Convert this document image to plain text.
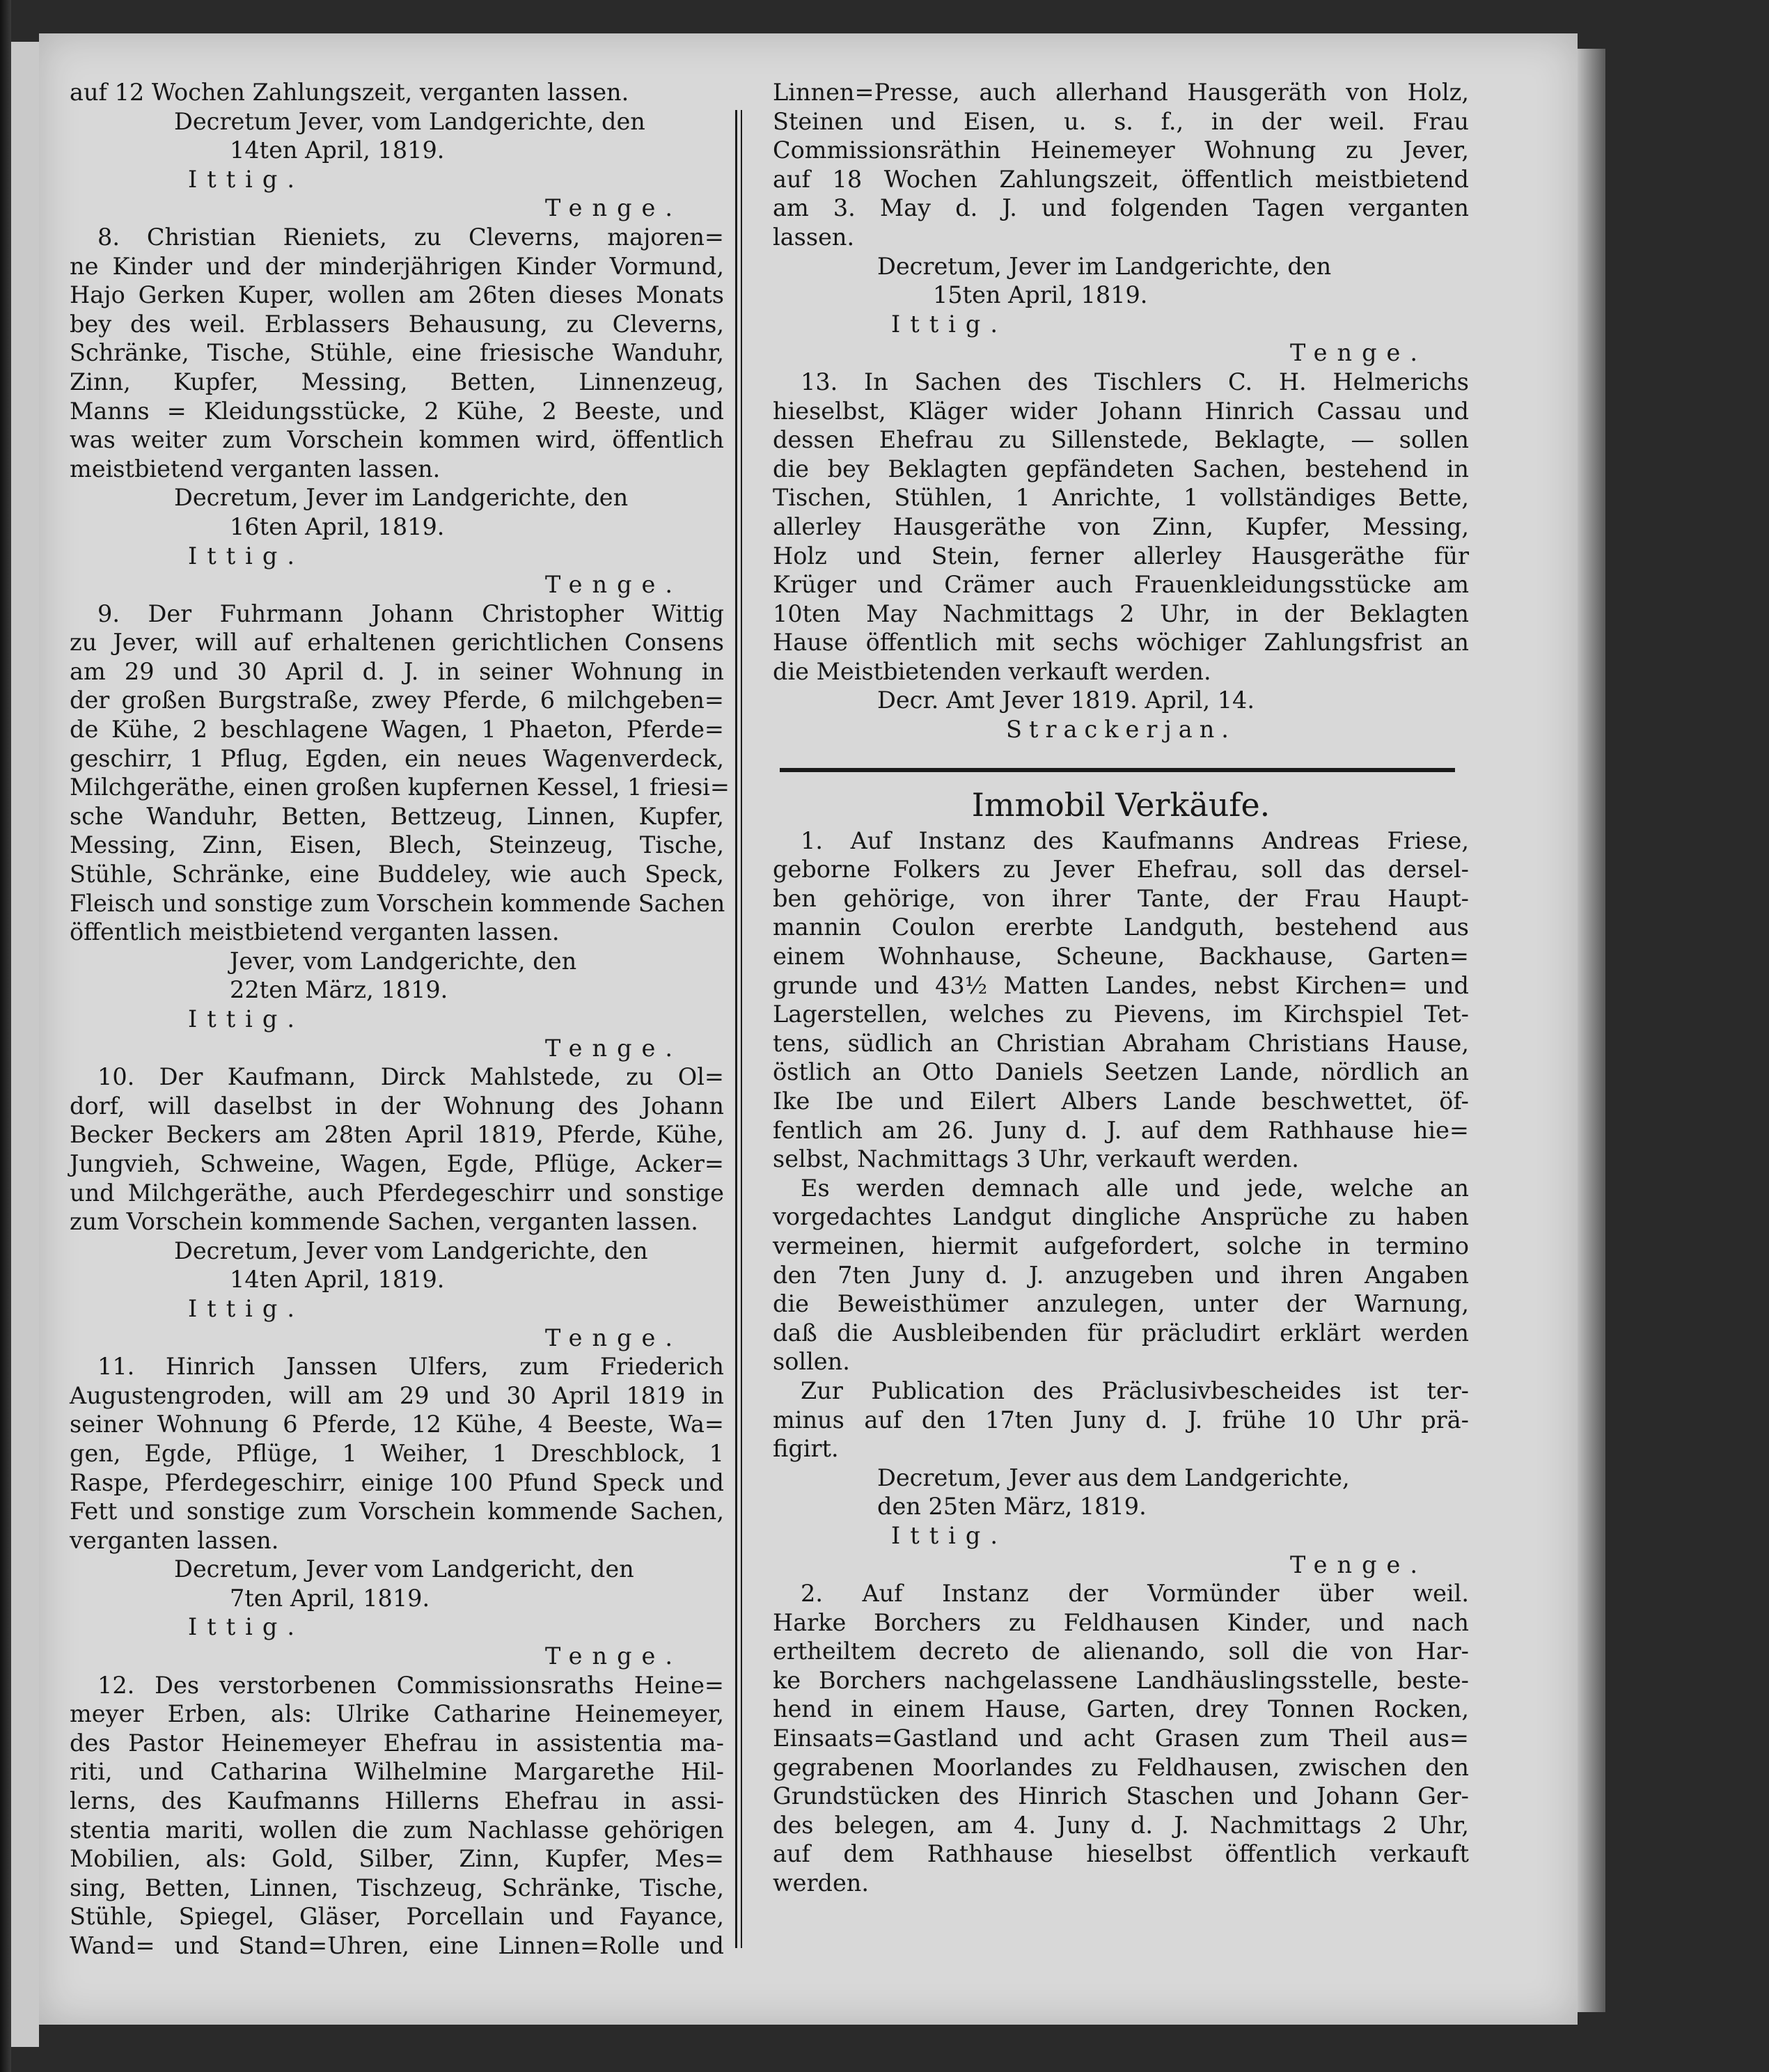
auf 12 Wochen Zahlungszeit, verganten lassen.
Decretum Jever, vom Landgerichte, den
14ten April, 1819.
Ittig.
Tenge.
8. Christian Rieniets, zu Cleverns, majoren=
ne Kinder und der minderjährigen Kinder Vormund,
Hajo Gerken Kuper, wollen am 26ten dieses Monats
bey des weil. Erblassers Behausung, zu Cleverns,
Schränke, Tische, Stühle, eine friesische Wanduhr,
Zinn, Kupfer, Messing, Betten, Linnenzeug,
Manns = Kleidungsstücke, 2 Kühe, 2 Beeste, und
was weiter zum Vorschein kommen wird, öffentlich
meistbietend verganten lassen.
Decretum, Jever im Landgerichte, den
16ten April, 1819.
Ittig.
Tenge.
9. Der Fuhrmann Johann Christopher Wittig
zu Jever, will auf erhaltenen gerichtlichen Consens
am 29 und 30 April d. J. in seiner Wohnung in
der großen Burgstraße, zwey Pferde, 6 milchgeben=
de Kühe, 2 beschlagene Wagen, 1 Phaeton, Pferde=
geschirr, 1 Pflug, Egden, ein neues Wagenverdeck,
Milchgeräthe, einen großen kupfernen Kessel, 1 friesi=
sche Wanduhr, Betten, Bettzeug, Linnen, Kupfer,
Messing, Zinn, Eisen, Blech, Steinzeug, Tische,
Stühle, Schränke, eine Buddeley, wie auch Speck,
Fleisch und sonstige zum Vorschein kommende Sachen
öffentlich meistbietend verganten lassen.
Jever, vom Landgerichte, den
22ten März, 1819.
Ittig.
Tenge.
10. Der Kaufmann, Dirck Mahlstede, zu Ol=
dorf, will daselbst in der Wohnung des Johann
Becker Beckers am 28ten April 1819, Pferde, Kühe,
Jungvieh, Schweine, Wagen, Egde, Pflüge, Acker=
und Milchgeräthe, auch Pferdegeschirr und sonstige
zum Vorschein kommende Sachen, verganten lassen.
Decretum, Jever vom Landgerichte, den
14ten April, 1819.
Ittig.
Tenge.
11. Hinrich Janssen Ulfers, zum Friederich
Augustengroden, will am 29 und 30 April 1819 in
seiner Wohnung 6 Pferde, 12 Kühe, 4 Beeste, Wa=
gen, Egde, Pflüge, 1 Weiher, 1 Dreschblock, 1
Raspe, Pferdegeschirr, einige 100 Pfund Speck und
Fett und sonstige zum Vorschein kommende Sachen,
verganten lassen.
Decretum, Jever vom Landgericht, den
7ten April, 1819.
Ittig.
Tenge.
12. Des verstorbenen Commissionsraths Heine=
meyer Erben, als: Ulrike Catharine Heinemeyer,
des Pastor Heinemeyer Ehefrau in assistentia ma-
riti, und Catharina Wilhelmine Margarethe Hil-
lerns, des Kaufmanns Hillerns Ehefrau in assi-
stentia mariti, wollen die zum Nachlasse gehörigen
Mobilien, als: Gold, Silber, Zinn, Kupfer, Mes=
sing, Betten, Linnen, Tischzeug, Schränke, Tische,
Stühle, Spiegel, Gläser, Porcellain und Fayance,
Wand= und Stand=Uhren, eine Linnen=Rolle und
Linnen=Presse, auch allerhand Hausgeräth von Holz,
Steinen und Eisen, u. s. f., in der weil. Frau
Commissionsräthin Heinemeyer Wohnung zu Jever,
auf 18 Wochen Zahlungszeit, öffentlich meistbietend
am 3. May d. J. und folgenden Tagen verganten
lassen.
Decretum, Jever im Landgerichte, den
15ten April, 1819.
Ittig.
Tenge.
13. In Sachen des Tischlers C. H. Helmerichs
hieselbst, Kläger wider Johann Hinrich Cassau und
dessen Ehefrau zu Sillenstede, Beklagte, — sollen
die bey Beklagten gepfändeten Sachen, bestehend in
Tischen, Stühlen, 1 Anrichte, 1 vollständiges Bette,
allerley Hausgeräthe von Zinn, Kupfer, Messing,
Holz und Stein, ferner allerley Hausgeräthe für
Krüger und Crämer auch Frauenkleidungsstücke am
10ten May Nachmittags 2 Uhr, in der Beklagten
Hause öffentlich mit sechs wöchiger Zahlungsfrist an
die Meistbietenden verkauft werden.
Decr. Amt Jever 1819. April, 14.
Strackerjan.
Immobil Verkäufe.
1. Auf Instanz des Kaufmanns Andreas Friese,
geborne Folkers zu Jever Ehefrau, soll das dersel-
ben gehörige, von ihrer Tante, der Frau Haupt-
mannin Coulon ererbte Landguth, bestehend aus
einem Wohnhause, Scheune, Backhause, Garten=
grunde und 43½ Matten Landes, nebst Kirchen= und
Lagerstellen, welches zu Pievens, im Kirchspiel Tet-
tens, südlich an Christian Abraham Christians Hause,
östlich an Otto Daniels Seetzen Lande, nördlich an
Ike Ibe und Eilert Albers Lande beschwettet, öf-
fentlich am 26. Juny d. J. auf dem Rathhause hie=
selbst, Nachmittags 3 Uhr, verkauft werden.
Es werden demnach alle und jede, welche an
vorgedachtes Landgut dingliche Ansprüche zu haben
vermeinen, hiermit aufgefordert, solche in termino
den 7ten Juny d. J. anzugeben und ihren Angaben
die Beweisthümer anzulegen, unter der Warnung,
daß die Ausbleibenden für präcludirt erklärt werden
sollen.
Zur Publication des Präclusivbescheides ist ter-
minus auf den 17ten Juny d. J. frühe 10 Uhr prä-
figirt.
Decretum, Jever aus dem Landgerichte,
den 25ten März, 1819.
Ittig.
Tenge.
2. Auf Instanz der Vormünder über weil.
Harke Borchers zu Feldhausen Kinder, und nach
ertheiltem decreto de alienando, soll die von Har-
ke Borchers nachgelassene Landhäuslingsstelle, beste-
hend in einem Hause, Garten, drey Tonnen Rocken,
Einsaats=Gastland und acht Grasen zum Theil aus=
gegrabenen Moorlandes zu Feldhausen, zwischen den
Grundstücken des Hinrich Staschen und Johann Ger-
des belegen, am 4. Juny d. J. Nachmittags 2 Uhr,
auf dem Rathhause hieselbst öffentlich verkauft
werden.
